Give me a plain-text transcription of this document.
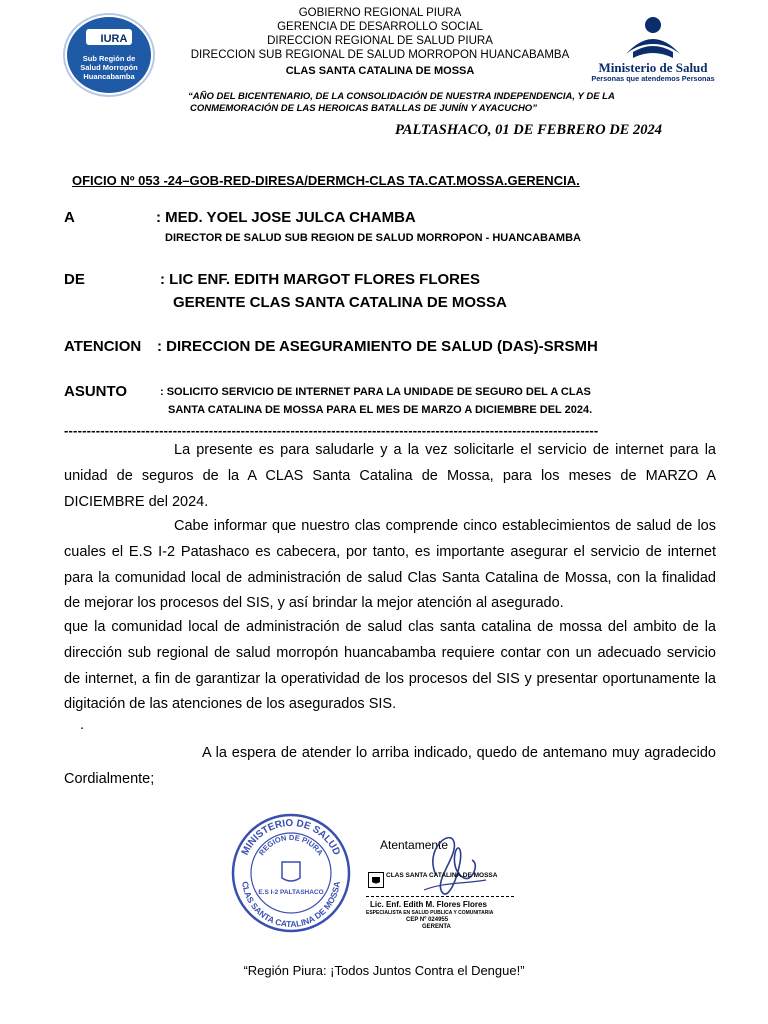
IURA
Sub Región de
Salud Morropón
Huancabamba
GOBIERNO REGIONAL PIURA
GERENCIA DE DESARROLLO SOCIAL
DIRECCION REGIONAL DE SALUD PIURA
DIRECCION SUB REGIONAL DE SALUD MORROPON HUANCABAMBA
CLAS SANTA CATALINA DE MOSSA	Ministerio de Salud
Personas que atendemos Personas
“AÑO DEL BICENTENARIO, DE LA CONSOLIDACIÓN DE NUESTRA INDEPENDENCIA, Y DE LA
CONMEMORACIÓN DE LAS HEROICAS BATALLAS DE JUNÍN Y AYACUCHO”
PALTASHACO, 01 DE FEBRERO DE 2024
OFICIO Nº 053 -24–GOB-RED-DIRESA/DERMCH-CLAS TA.CAT.MOSSA.GERENCIA.
A	: MED. YOEL JOSE JULCA CHAMBA
DIRECTOR DE SALUD SUB REGION DE SALUD MORROPON - HUANCABAMBA
DE	: LIC ENF. EDITH MARGOT FLORES FLORES
GERENTE CLAS SANTA CATALINA DE MOSSA
ATENCION : DIRECCION DE ASEGURAMIENTO DE SALUD (DAS)-SRSMH
ASUNTO	: SOLICITO SERVICIO DE INTERNET PARA LA UNIDADE DE SEGURO DEL A CLAS
SANTA CATALINA DE MOSSA PARA EL MES DE MARZO A DICIEMBRE DEL 2024.
----------------------------------------------------------------------------------------------------------------------

La presente es para saludarle y a la vez solicitarle el servicio de internet para la unidad de seguros de la A CLAS Santa Catalina de Mossa, para los meses de MARZO A DICIEMBRE del 2024.

Cabe informar que nuestro clas comprende cinco establecimientos de salud de los cuales el E.S I-2 Patashaco es cabecera, por tanto, es importante asegurar el servicio de internet para la comunidad local de administración de salud Clas Santa Catalina de Mossa, con la finalidad de mejorar los procesos del SIS, y así brindar la mejor atención al asegurado.

que la comunidad local de administración de salud clas santa catalina de mossa del ambito de la dirección sub regional de salud morropón huancabamba requiere contar con un adecuado servicio de internet, a fin de garantizar la operatividad de los procesos del SIS y presentar oportunamente la digitación de las atenciones de los asegurados SIS.

.

A la espera de atender lo arriba indicado, quedo de antemano muy agradecido Cordialmente;

MINISTERIO DE SALUD
REGION DE PIURA
CLAS SANTA CATALINA DE MOSSA
E.S I-2 PALTASHACO
Atentamente
CLAS SANTA CATALINA DE MOSSA
Lic. Enf. Edith M. Flores Flores
ESPECIALISTA EN SALUD PUBLICA Y COMUNITARIA
CEP Nº 024955
GERENTA
“Región Piura: ¡Todos Juntos Contra el Dengue!”
